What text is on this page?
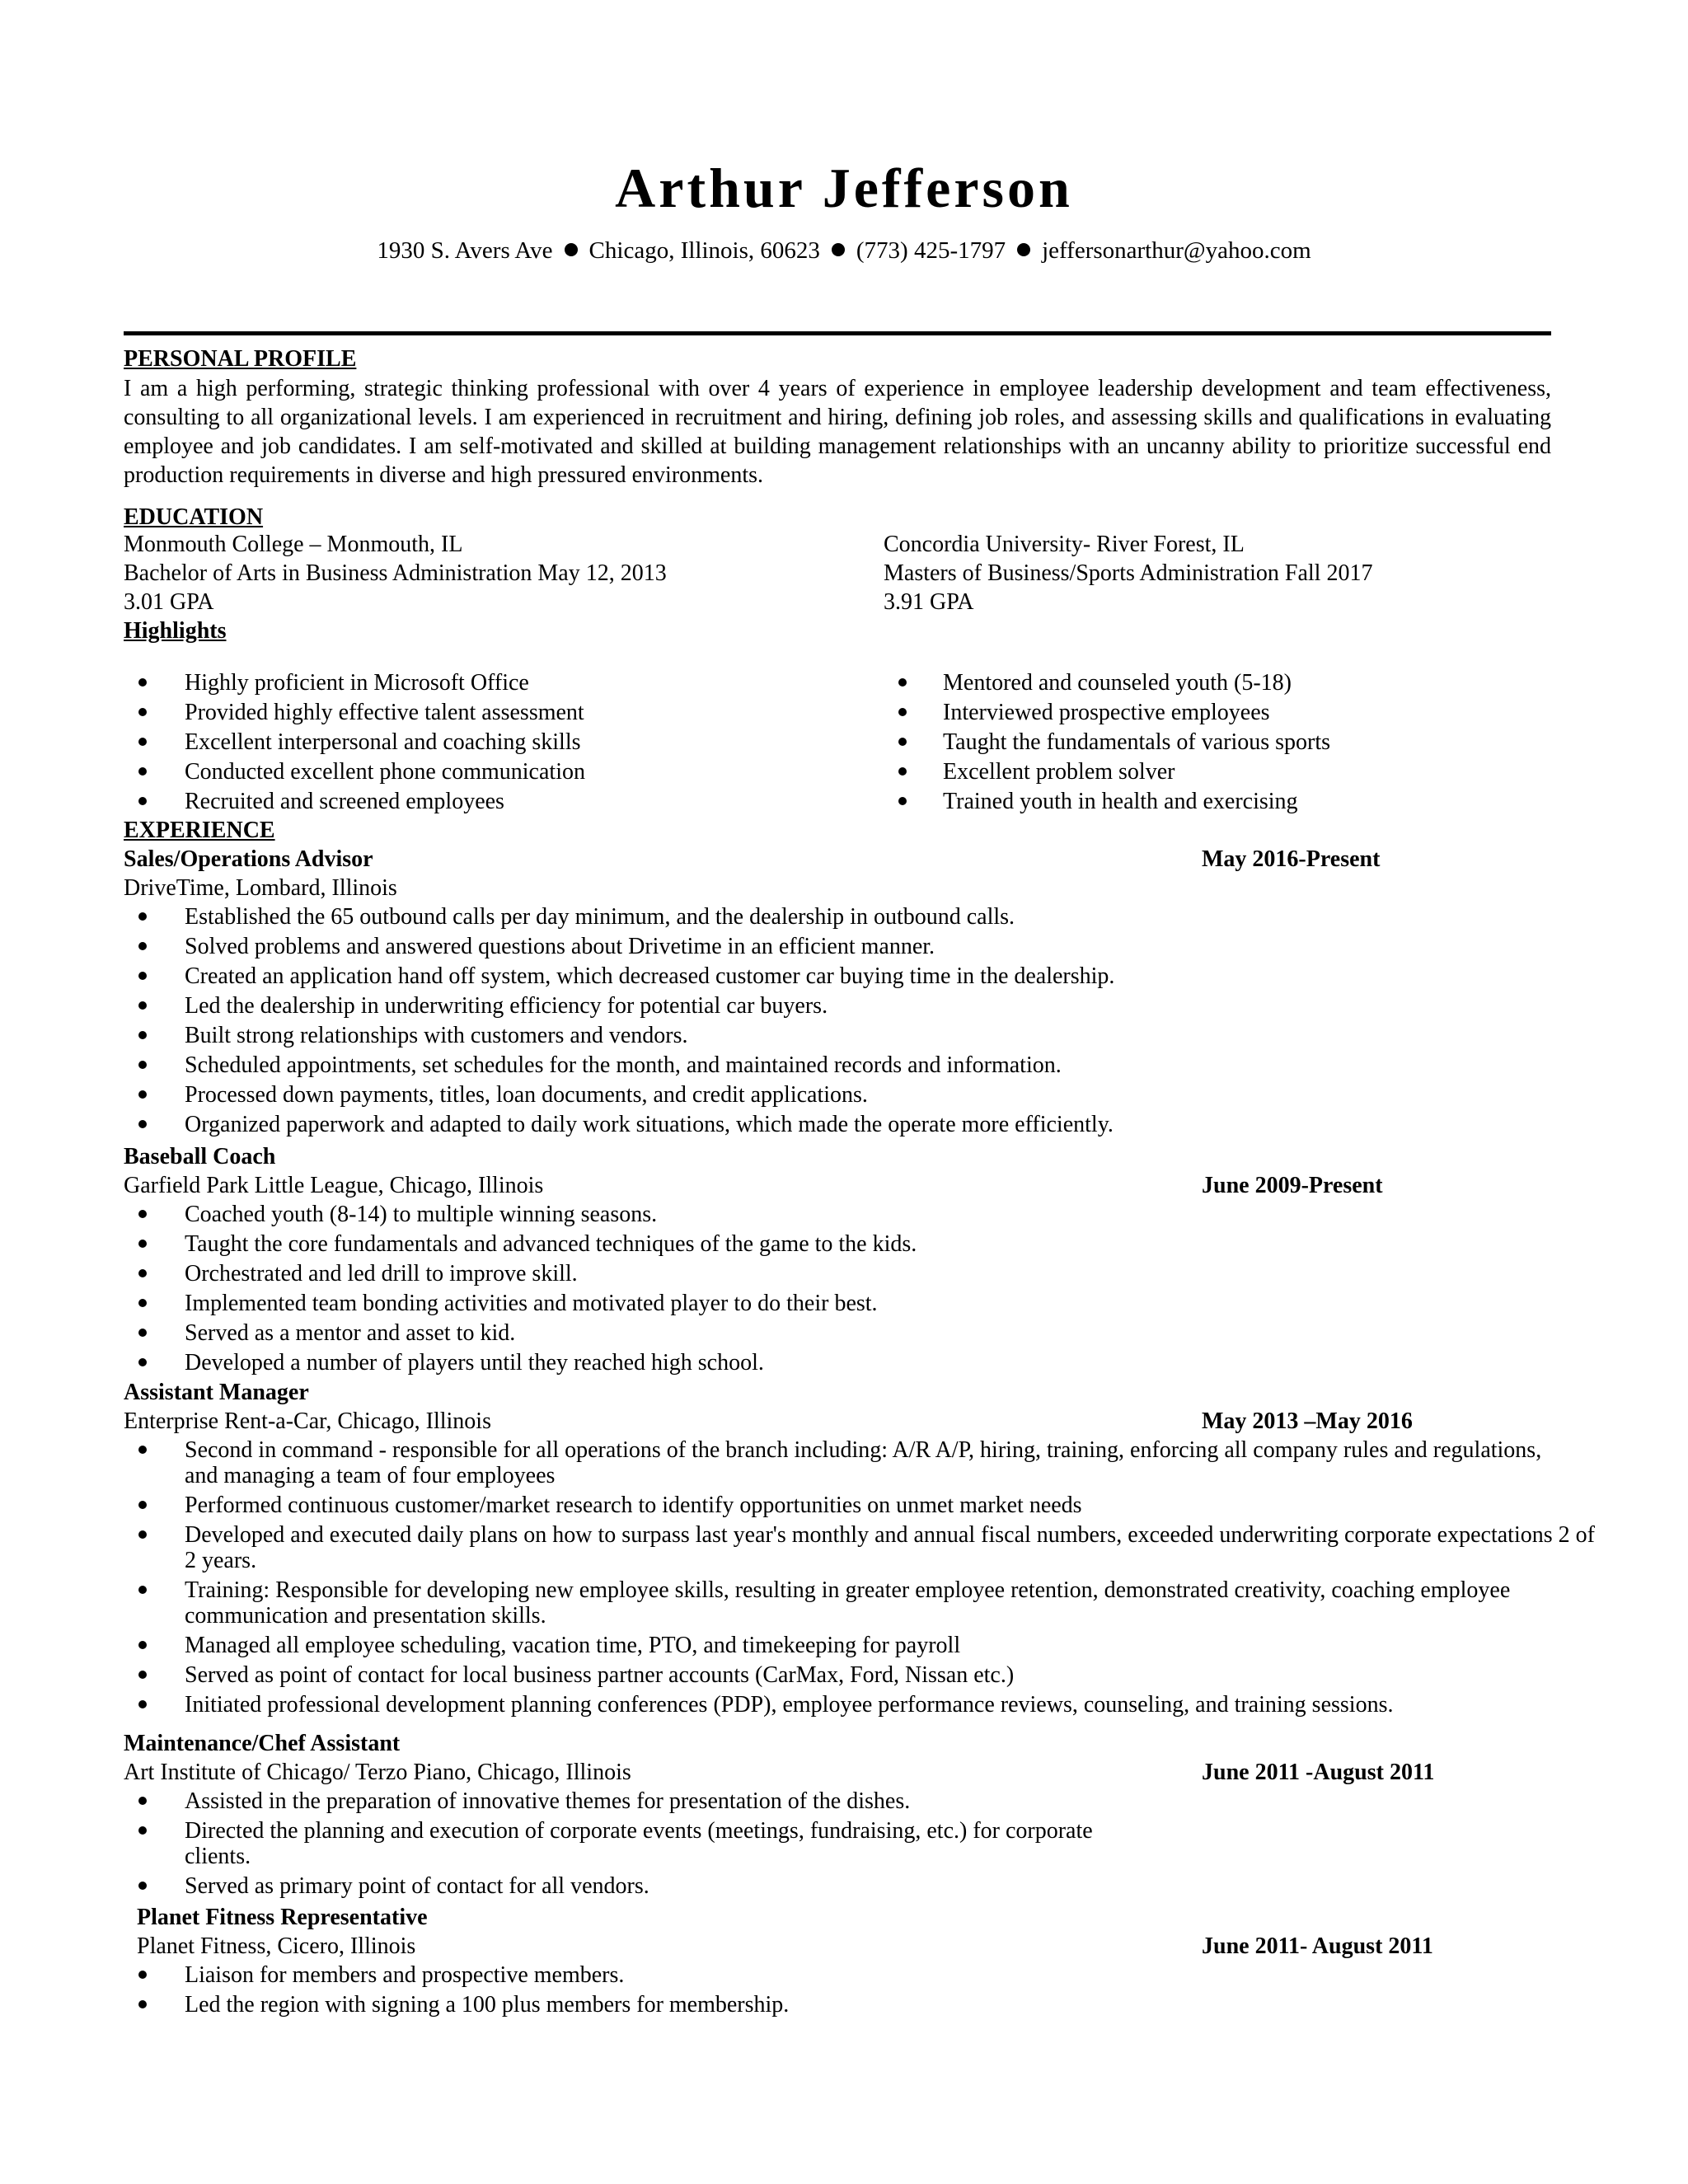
Arthur Jefferson
1930 S. Avers Ave Chicago, Illinois, 60623 (773) 425-1797 jeffersonarthur@yahoo.com
PERSONAL PROFILE
I am a high performing, strategic thinking professional with over 4 years of experience in employee leadership development and team effectiveness, consulting to all organizational levels. I am experienced in recruitment and hiring, defining job roles, and assessing skills and qualifications in evaluating employee and job candidates. I am self-motivated and skilled at building management relationships with an uncanny ability to prioritize successful end production requirements in diverse and high pressured environments.
EDUCATION
Monmouth College – Monmouth, IL
Bachelor of Arts in Business Administration May 12, 2013
3.01 GPA
Concordia University- River Forest, IL
Masters of Business/Sports Administration Fall 2017
3.91 GPA
Highlights
Highly proficient in Microsoft Office
Provided highly effective talent assessment
Excellent interpersonal and coaching skills
Conducted excellent phone communication
Recruited and screened employees
Mentored and counseled youth (5-18)
Interviewed prospective employees
Taught the fundamentals of various sports
Excellent problem solver
Trained youth in health and exercising
EXPERIENCE
Sales/Operations Advisor	May 2016-Present
DriveTime, Lombard, Illinois
Established the 65 outbound calls per day minimum, and the dealership in outbound calls.
Solved problems and answered questions about Drivetime in an efficient manner.
Created an application hand off system, which decreased customer car buying time in the dealership.
Led the dealership in underwriting efficiency for potential car buyers.
Built strong relationships with customers and vendors.
Scheduled appointments, set schedules for the month, and maintained records and information.
Processed down payments, titles, loan documents, and credit applications.
Organized paperwork and adapted to daily work situations, which made the operate more efficiently.
Baseball Coach
Garfield Park Little League, Chicago, Illinois	June 2009-Present
Coached youth (8-14) to multiple winning seasons.
Taught the core fundamentals and advanced techniques of the game to the kids.
Orchestrated and led drill to improve skill.
Implemented team bonding activities and motivated player to do their best.
Served as a mentor and asset to kid.
Developed a number of players until they reached high school.
Assistant Manager
Enterprise Rent-a-Car, Chicago, Illinois	May 2013 –May 2016
Second in command - responsible for all operations of the branch including: A/R A/P, hiring, training, enforcing all company rules and regulations,
and managing a team of four employees
Performed continuous customer/market research to identify opportunities on unmet market needs
Developed and executed daily plans on how to surpass last year's monthly and annual fiscal numbers, exceeded underwriting corporate expectations 2 of
2 years.
Training: Responsible for developing new employee skills, resulting in greater employee retention, demonstrated creativity, coaching employee
communication and presentation skills.
Managed all employee scheduling, vacation time, PTO, and timekeeping for payroll
Served as point of contact for local business partner accounts (CarMax, Ford, Nissan etc.)
Initiated professional development planning conferences (PDP), employee performance reviews, counseling, and training sessions.
Maintenance/Chef Assistant
Art Institute of Chicago/ Terzo Piano, Chicago, Illinois	June 2011 -August 2011
Assisted in the preparation of innovative themes for presentation of the dishes.
Directed the planning and execution of corporate events (meetings, fundraising, etc.) for corporate
clients.
Served as primary point of contact for all vendors.
Planet Fitness Representative
Planet Fitness, Cicero, Illinois	June 2011- August 2011
Liaison for members and prospective members.
Led the region with signing a 100 plus members for membership.
